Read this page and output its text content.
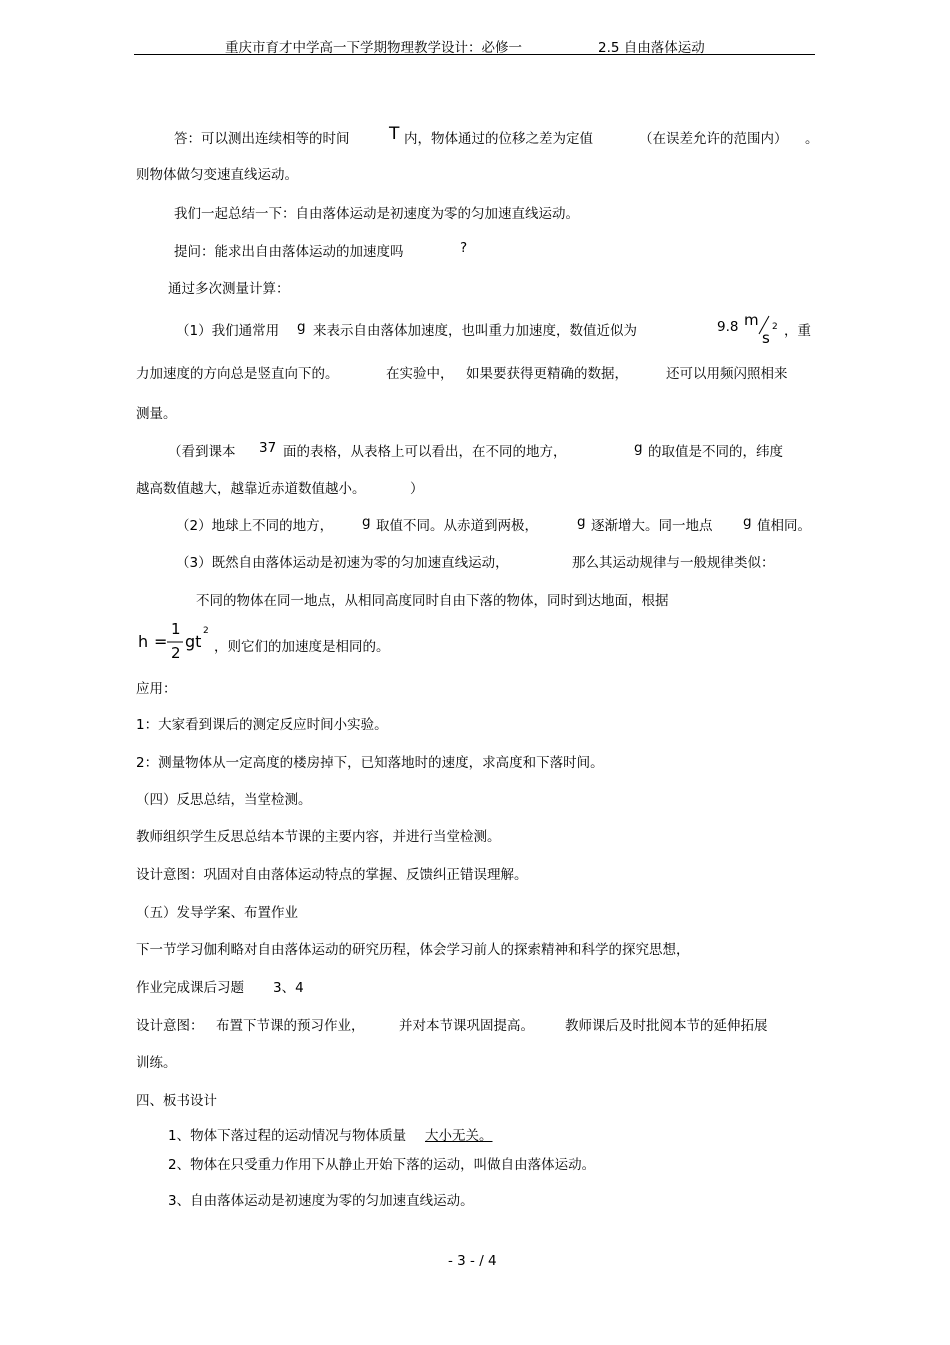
重庆市育才中学高一下学期物理教学设计：必修一	2.5 自由落体运动
答：可以测出连续相等的时间 T 内，物体通过的位移之差为定值	（在误差允许的范围内） 。
则物体做匀变速直线运动。
我们一起总结一下：自由落体运动是初速度为零的匀加速直线运动。
提问：能求出自由落体运动的加速度吗	?
通过多次测量计算：
（1）我们通常用 g 来表示自由落体加速度，也叫重力加速度，数值近似为	9.8 m
s
2 ，重
力加速度的方向总是竖直向下的。	在实验中， 如果要获得更精确的数据，	还可以用频闪照相来
测量。
（看到课本 37 面的表格，从表格上可以看出，在不同的地方，	g 的取值是不同的，纬度
越高数值越大，越靠近赤道数值越小。	）
（2）地球上不同的地方， g 取值不同。从赤道到两极，	g 逐渐增大。同一地点 g 值相同。
（3）既然自由落体运动是初速为零的匀加速直线运动，	那么其运动规律与一般规律类似：
不同的物体在同一地点，从相同高度同时自由下落的物体，同时到达地面，根据
h =
1
2
gt
2
，则它们的加速度是相同的。
应用：
1：大家看到课后的测定反应时间小实验。
2：测量物体从一定高度的楼房掉下，已知落地时的速度，求高度和下落时间。
（四）反思总结，当堂检测。
教师组织学生反思总结本节课的主要内容，并进行当堂检测。
设计意图：巩固对自由落体运动特点的掌握、反馈纠正错误理解。
（五）发导学案、布置作业
下一节学习伽利略对自由落体运动的研究历程，体会学习前人的探索精神和科学的探究思想，
作业完成课后习题 3、4
设计意图： 布置下节课的预习作业，	并对本节课巩固提高。 教师课后及时批阅本节的延伸拓展
训练。
四、板书设计
1、物体下落过程的运动情况与物体质量 大小无关。
2、物体在只受重力作用下从静止开始下落的运动，叫做自由落体运动。
3、自由落体运动是初速度为零的匀加速直线运动。
- 3 - / 4
